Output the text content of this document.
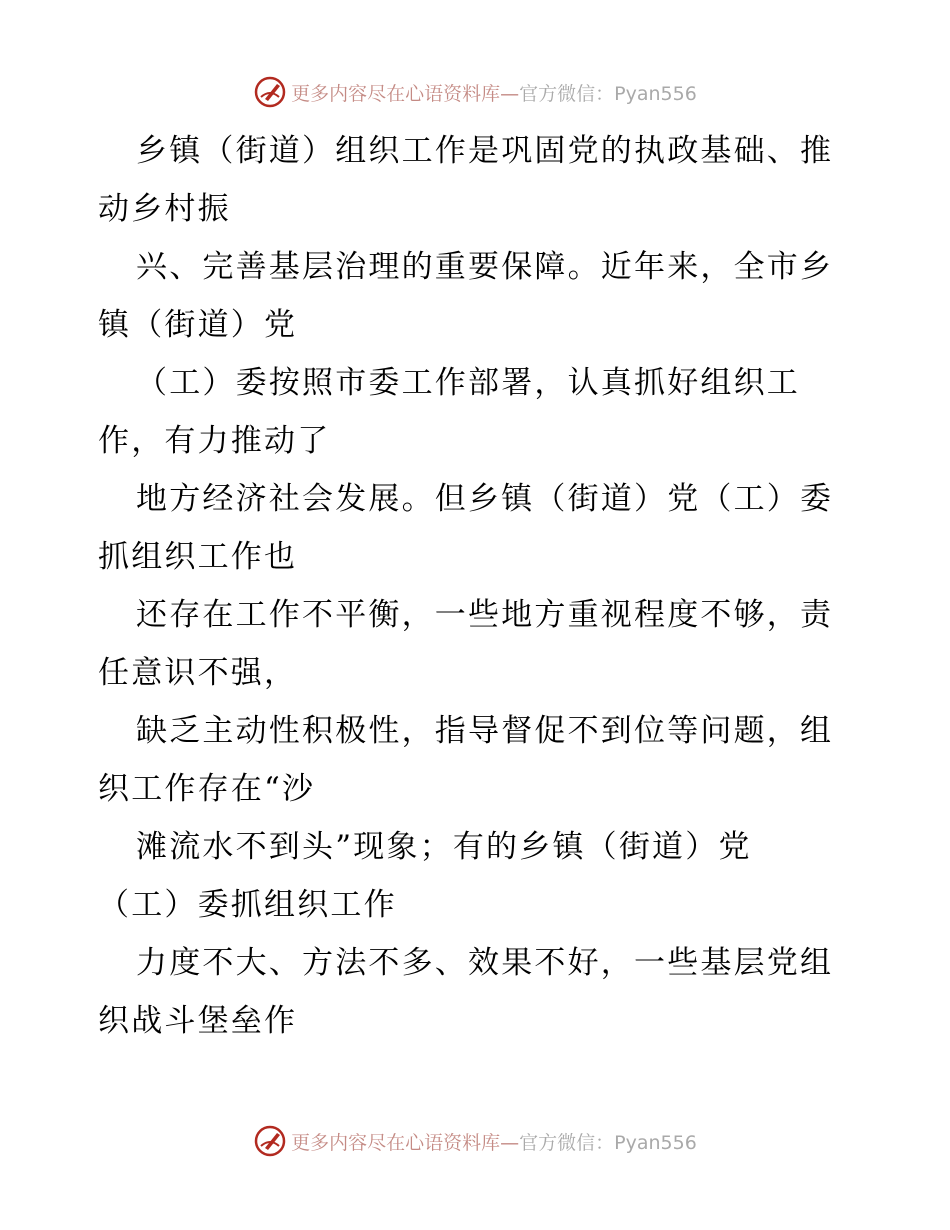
更多内容尽在心语资料库—官方微信：Pyan556

乡镇（街道）组织工作是巩固党的执政基础、推

动乡村振

兴、完善基层治理的重要保障。近年来，全市乡

镇（街道）党

（工）委按照市委工作部署，认真抓好组织工

作，有力推动了

地方经济社会发展。但乡镇（街道）党（工）委

抓组织工作也

还存在工作不平衡，一些地方重视程度不够，责

任意识不强，

缺乏主动性积极性，指导督促不到位等问题，组

织工作存在“沙

滩流水不到头”现象；有的乡镇（街道）党

（工）委抓组织工作

力度不大、方法不多、效果不好，一些基层党组

织战斗堡垒作

更多内容尽在心语资料库—官方微信：Pyan556
